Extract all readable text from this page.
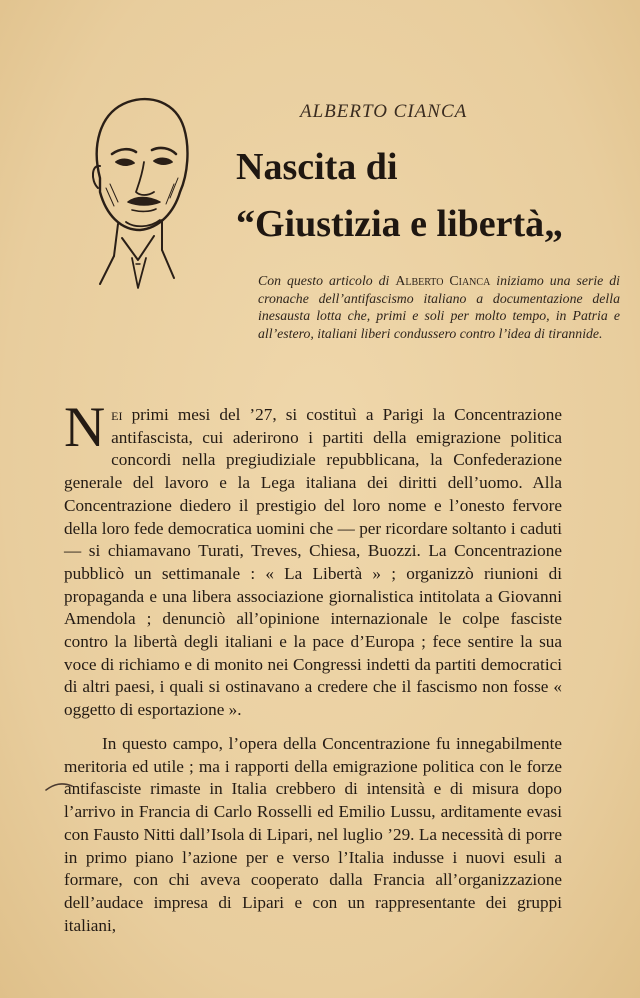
ALBERTO CIANCA
Nascita di
“Giustizia e libertà„
Con questo articolo di Alberto Cianca iniziamo una serie di cronache dell’antifascismo italiano a documentazione della inesausta lotta che, primi e soli per molto tempo, in Patria e all’estero, italiani liberi condussero contro l’idea di tirannide.
N ei primi mesi del ’27, si costituì a Parigi la Concentrazione antifascista, cui aderirono i partiti della emigrazione politica concordi nella pregiudiziale repubblicana, la Confederazione generale del lavoro e la Lega italiana dei diritti dell’uomo. Alla Concentrazione diedero il prestigio del loro nome e l’onesto fervore della loro fede democratica uomini che — per ricordare soltanto i caduti — si chiamavano Turati, Treves, Chiesa, Buozzi. La Concentrazione pubblicò un settimanale : « La Libertà » ; organizzò riunioni di propaganda e una libera associazione giornalistica intitolata a Giovanni Amendola ; denunciò all’opinione internazionale le colpe fasciste contro la libertà degli italiani e la pace d’Europa ; fece sentire la sua voce di richiamo e di monito nei Congressi indetti da partiti democratici di altri paesi, i quali si ostinavano a credere che il fascismo non fosse « oggetto di esportazione ».
In questo campo, l’opera della Concentrazione fu innegabilmente meritoria ed utile ; ma i rapporti della emigrazione politica con le forze antifasciste rimaste in Italia crebbero di intensità e di misura dopo l’arrivo in Francia di Carlo Rosselli ed Emilio Lussu, arditamente evasi con Fausto Nitti dall’Isola di Lipari, nel luglio ’29. La necessità di porre in primo piano l’azione per e verso l’Italia indusse i nuovi esuli a formare, con chi aveva cooperato dalla Francia all’organizzazione dell’audace impresa di Lipari e con un rappresentante dei gruppi italiani,
